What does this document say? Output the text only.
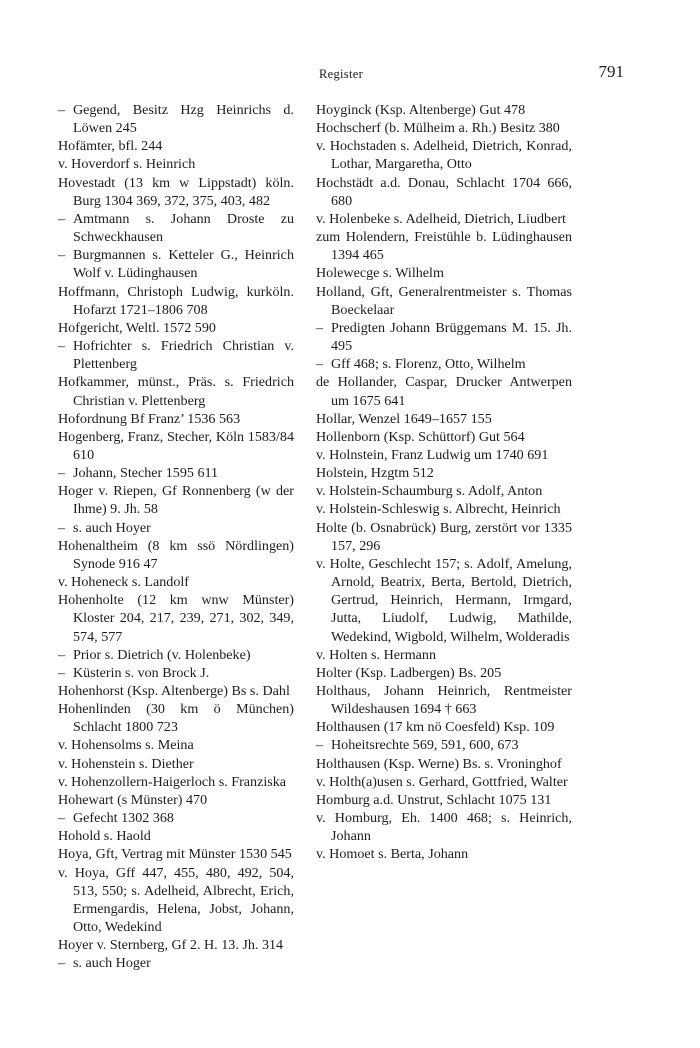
Register	791
– Gegend, Besitz Hzg Heinrichs d. Löwen 245
Hofämter, bfl. 244
v. Hoverdorf s. Heinrich
Hovestadt (13 km w Lippstadt) köln. Burg 1304 369, 372, 375, 403, 482
– Amtmann s. Johann Droste zu Schweckhausen
– Burgmannen s. Ketteler G., Heinrich Wolf v. Lüdinghausen
Hoffmann, Christoph Ludwig, kurköln. Hofarzt 1721–1806 708
Hofgericht, Weltl. 1572 590
– Hofrichter s. Friedrich Christian v. Plettenberg
Hofkammer, münst., Präs. s. Friedrich Christian v. Plettenberg
Hofordnung Bf Franz’ 1536 563
Hogenberg, Franz, Stecher, Köln 1583/84 610
– Johann, Stecher 1595 611
Hoger v. Riepen, Gf Ronnenberg (w der Ihme) 9. Jh. 58
– s. auch Hoyer
Hohenaltheim (8 km ssö Nördlingen) Synode 916 47
v. Hoheneck s. Landolf
Hohenholte (12 km wnw Münster) Kloster 204, 217, 239, 271, 302, 349, 574, 577
– Prior s. Dietrich (v. Holenbeke)
– Küsterin s. von Brock J.
Hohenhorst (Ksp. Altenberge) Bs s. Dahl
Hohenlinden (30 km ö München) Schlacht 1800 723
v. Hohensolms s. Meina
v. Hohenstein s. Diether
v. Hohenzollern-Haigerloch s. Franziska
Hohewart (s Münster) 470
– Gefecht 1302 368
Hohold s. Haold
Hoya, Gft, Vertrag mit Münster 1530 545
v. Hoya, Gff 447, 455, 480, 492, 504, 513, 550; s. Adelheid, Albrecht, Erich, Ermengardis, Helena, Jobst, Johann, Otto, Wedekind
Hoyer v. Sternberg, Gf 2. H. 13. Jh. 314
– s. auch Hoger
Hoyginck (Ksp. Altenberge) Gut 478
Hochscherf (b. Mülheim a. Rh.) Besitz 380
v. Hochstaden s. Adelheid, Dietrich, Konrad, Lothar, Margaretha, Otto
Hochstädt a.d. Donau, Schlacht 1704 666, 680
v. Holenbeke s. Adelheid, Dietrich, Liudbert
zum Holendern, Freistühle b. Lüdinghausen 1394 465
Holewecge s. Wilhelm
Holland, Gft, Generalrentmeister s. Thomas Boeckelaar
– Predigten Johann Brüggemans M. 15. Jh. 495
– Gff 468; s. Florenz, Otto, Wilhelm
de Hollander, Caspar, Drucker Antwerpen um 1675 641
Hollar, Wenzel 1649–1657 155
Hollenborn (Ksp. Schüttorf) Gut 564
v. Holnstein, Franz Ludwig um 1740 691
Holstein, Hzgtm 512
v. Holstein-Schaumburg s. Adolf, Anton
v. Holstein-Schleswig s. Albrecht, Heinrich
Holte (b. Osnabrück) Burg, zerstört vor 1335 157, 296
v. Holte, Geschlecht 157; s. Adolf, Amelung, Arnold, Beatrix, Berta, Bertold, Dietrich, Gertrud, Heinrich, Hermann, Irmgard, Jutta, Liudolf, Ludwig, Mathilde, Wedekind, Wigbold, Wilhelm, Wolderadis
v. Holten s. Hermann
Holter (Ksp. Ladbergen) Bs. 205
Holthaus, Johann Heinrich, Rentmeister Wildeshausen 1694 † 663
Holthausen (17 km nö Coesfeld) Ksp. 109
– Hoheitsrechte 569, 591, 600, 673
Holthausen (Ksp. Werne) Bs. s. Vroninghof
v. Holth(a)usen s. Gerhard, Gottfried, Walter
Homburg a.d. Unstrut, Schlacht 1075 131
v. Homburg, Eh. 1400 468; s. Heinrich, Johann
v. Homoet s. Berta, Johann
